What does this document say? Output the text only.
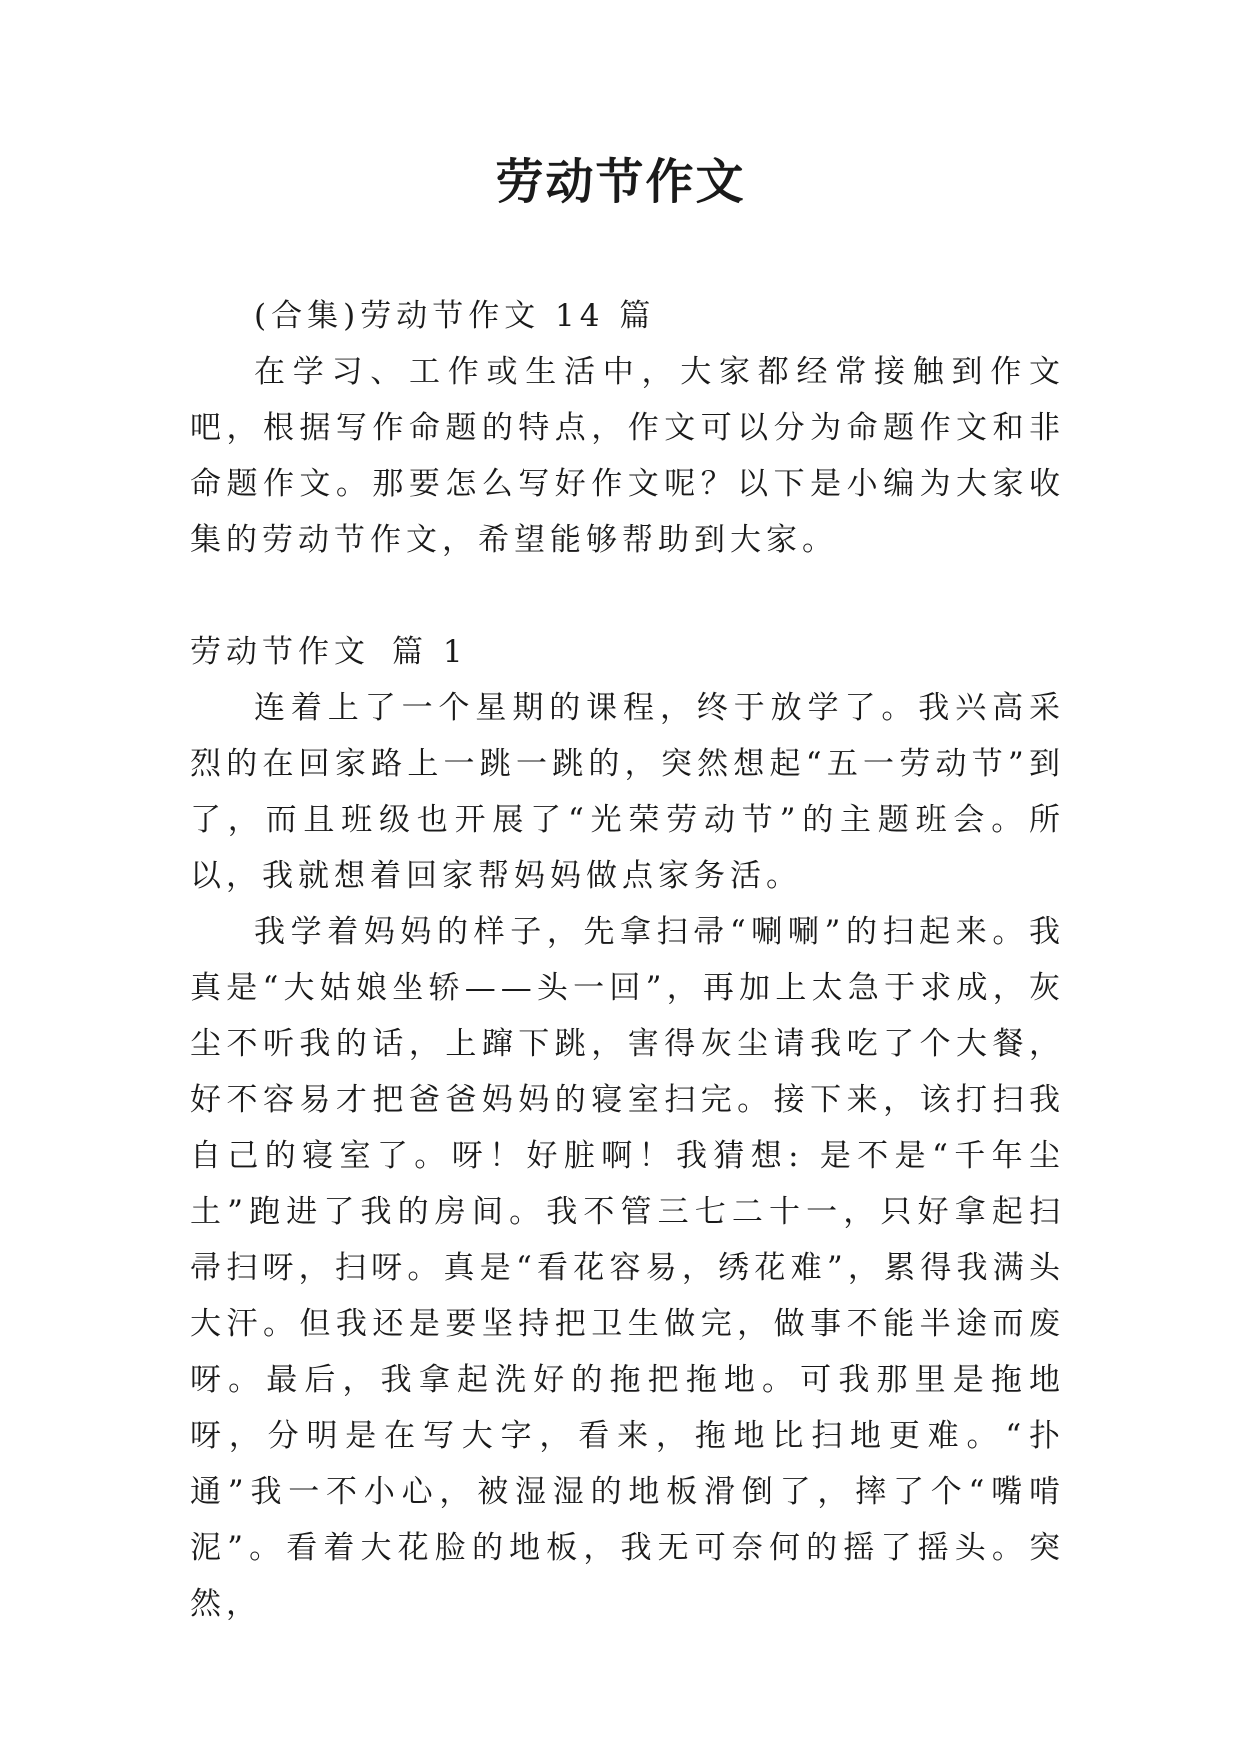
劳动节作文

(合集)劳动节作文 14 篇

在学习、工作或生活中，大家都经常接触到作文吧，根据写作命题的特点，作文可以分为命题作文和非命题作文。那要怎么写好作文呢？以下是小编为大家收集的劳动节作文，希望能够帮助到大家。

劳动节作文 篇 1

连着上了一个星期的课程，终于放学了。我兴高采烈的在回家路上一跳一跳的，突然想起“五一劳动节”到了，而且班级也开展了“光荣劳动节”的主题班会。所以，我就想着回家帮妈妈做点家务活。

我学着妈妈的样子，先拿扫帚“唰唰”的扫起来。我真是“大姑娘坐轿——头一回”，再加上太急于求成，灰尘不听我的话，上蹿下跳，害得灰尘请我吃了个大餐，好不容易才把爸爸妈妈的寝室扫完。接下来，该打扫我自己的寝室了。呀！好脏啊！我猜想: 是不是“千年尘土”跑进了我的房间。我不管三七二十一，只好拿起扫帚扫呀，扫呀。真是“看花容易，绣花难”，累得我满头大汗。但我还是要坚持把卫生做完，做事不能半途而废呀。最后，我拿起洗好的拖把拖地。可我那里是拖地呀，分明是在写大字，看来，拖地比扫地更难。“扑通”我一不小心，被湿湿的地板滑倒了，摔了个“嘴啃泥”。看着大花脸的地板，我无可奈何的摇了摇头。突然，
